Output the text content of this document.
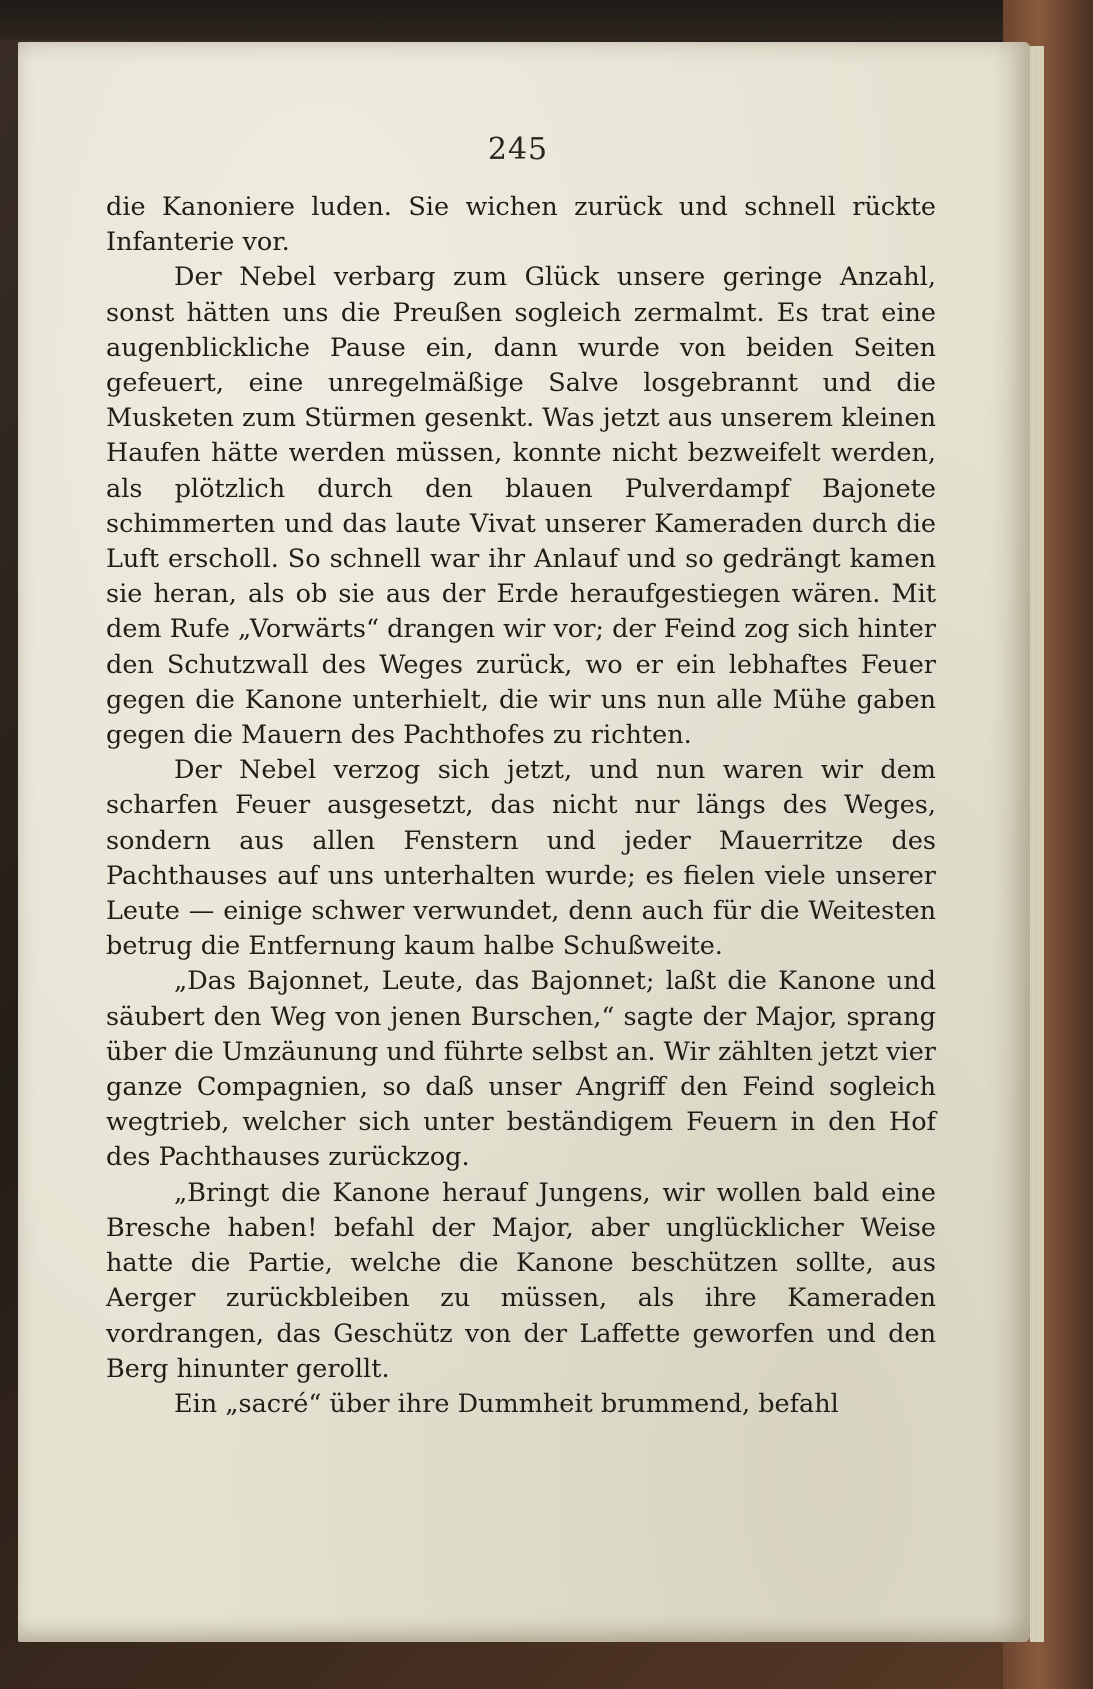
245

die Kanoniere luden. Sie wichen zurück und schnell rückte Infanterie vor.

Der Nebel verbarg zum Glück unsere geringe Anzahl, sonst hätten uns die Preußen sogleich zermalmt. Es trat eine augenblickliche Pause ein, dann wurde von beiden Seiten gefeuert, eine unregelmäßige Salve losgebrannt und die Musketen zum Stürmen gesenkt. Was jetzt aus unserem kleinen Haufen hätte werden müssen, konnte nicht bezweifelt werden, als plötzlich durch den blauen Pulverdampf Bajonete schimmerten und das laute Vivat unserer Kameraden durch die Luft erscholl. So schnell war ihr Anlauf und so gedrängt kamen sie heran, als ob sie aus der Erde heraufgestiegen wären. Mit dem Rufe „Vorwärts“ drangen wir vor; der Feind zog sich hinter den Schutzwall des Weges zurück, wo er ein lebhaftes Feuer gegen die Kanone unterhielt, die wir uns nun alle Mühe gaben gegen die Mauern des Pachthofes zu richten.

Der Nebel verzog sich jetzt, und nun waren wir dem scharfen Feuer ausgesetzt, das nicht nur längs des Weges, sondern aus allen Fenstern und jeder Mauerritze des Pachthauses auf uns unterhalten wurde; es fielen viele unserer Leute — einige schwer verwundet, denn auch für die Weitesten betrug die Entfernung kaum halbe Schußweite.

„Das Bajonnet, Leute, das Bajonnet; laßt die Kanone und säubert den Weg von jenen Burschen,“ sagte der Major, sprang über die Umzäunung und führte selbst an. Wir zählten jetzt vier ganze Compagnien, so daß unser Angriff den Feind sogleich wegtrieb, welcher sich unter beständigem Feuern in den Hof des Pachthauses zurückzog.

„Bringt die Kanone herauf Jungens, wir wollen bald eine Bresche haben! befahl der Major, aber unglücklicher Weise hatte die Partie, welche die Kanone beschützen sollte, aus Aerger zurückbleiben zu müssen, als ihre Kameraden vordrangen, das Geschütz von der Laffette geworfen und den Berg hinunter gerollt.

Ein „sacré“ über ihre Dummheit brummend, befahl
